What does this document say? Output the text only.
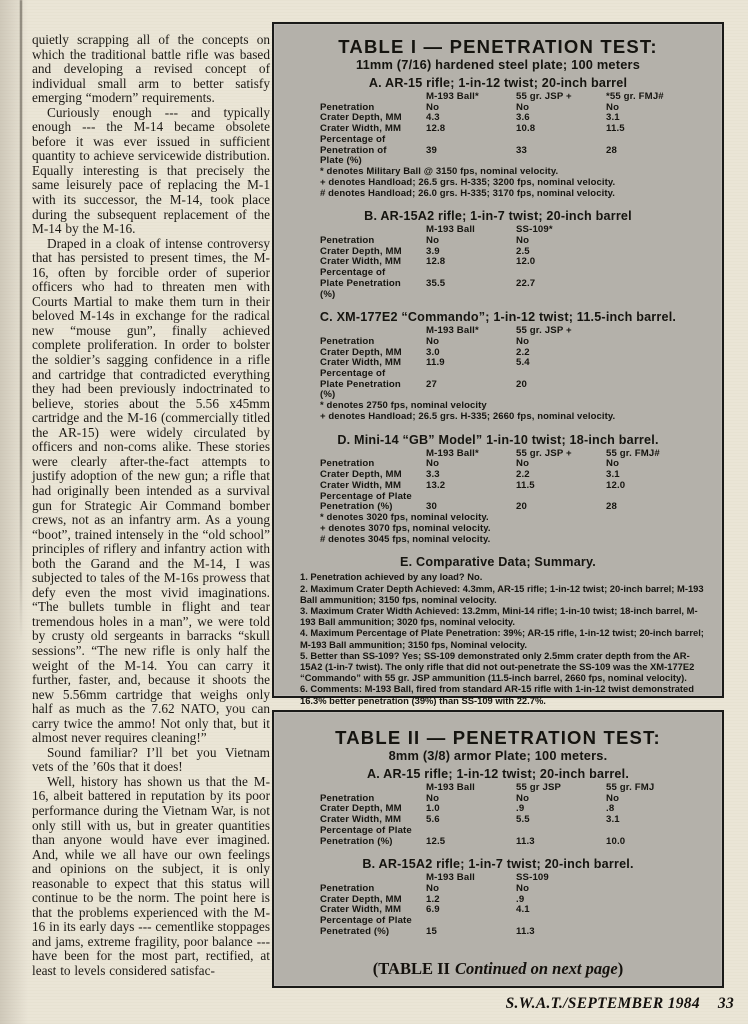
quietly scrapping all of the concepts on which the traditional battle rifle was based and developing a revised concept of individual small arm to better satisfy emerging “modern” requirements.

Curiously enough --- and typically enough --- the M-14 became obsolete before it was ever issued in sufficient quantity to achieve servicewide distribution. Equally interesting is that precisely the same leisurely pace of replacing the M-1 with its successor, the M-14, took place during the subsequent replacement of the M-14 by the M-16.

Draped in a cloak of intense controversy that has persisted to present times, the M-16, often by forcible order of superior officers who had to threaten men with Courts Martial to make them turn in their beloved M-14s in exchange for the radical new “mouse gun”, finally achieved complete proliferation. In order to bolster the soldier’s sagging confidence in a rifle and cartridge that contradicted everything they had been previously indoctrinated to believe, stories about the 5.56 x45mm cartridge and the M-16 (commercially titled the AR-15) were widely circulated by officers and non-coms alike. These stories were clearly after-the-fact attempts to justify adoption of the new gun; a rifle that had originally been intended as a survival gun for Strategic Air Command bomber crews, not as an infantry arm. As a young “boot”, trained intensely in the “old school” principles of riflery and infantry action with both the Garand and the M-14, I was subjected to tales of the M-16s prowess that defy even the most vivid imaginations. “The bullets tumble in flight and tear tremendous holes in a man”, we were told by crusty old sergeants in barracks “skull sessions”. “The new rifle is only half the weight of the M-14. You can carry it further, faster, and, because it shoots the new 5.56mm cartridge that weighs only half as much as the 7.62 NATO, you can carry twice the ammo! Not only that, but it almost never requires cleaning!”

Sound familiar? I’ll bet you Vietnam vets of the ’60s that it does!

Well, history has shown us that the M-16, albeit battered in reputation by its poor performance during the Vietnam War, is not only still with us, but in greater quantities than anyone would have ever imagined. And, while we all have our own feelings and opinions on the subject, it is only reasonable to expect that this status will continue to be the norm. The point here is that the problems experienced with the M-16 in its early days --- cementlike stoppages and jams, extreme fragility, poor balance --- have been for the most part, rectified, at least to levels considered satisfac-

TABLE I — PENETRATION TEST:
11mm (7/16) hardened steel plate; 100 meters
A. AR-15 rifle; 1-in-12 twist; 20-inch barrel
M-193 Ball*	55 gr. JSP +	*55 gr. FMJ#
Penetration	No	No	No
Crater Depth, MM	4.3	3.6	3.1
Crater Width, MM	12.8	10.8	11.5
Percentage of
Penetration of	39	33	28
Plate (%)
* denotes Military Ball @ 3150 fps, nominal velocity.
+ denotes Handload; 26.5 grs. H-335; 3200 fps, nominal velocity.
# denotes Handload; 26.0 grs. H-335; 3170 fps, nominal velocity.
B. AR-15A2 rifle; 1-in-7 twist; 20-inch barrel
M-193 Ball	SS-109*
Penetration	No	No
Crater Depth, MM	3.9	2.5
Crater Width, MM	12.8	12.0
Percentage of
Plate Penetration	35.5	22.7
(%)
C. XM-177E2 “Commando”; 1-in-12 twist; 11.5-inch barrel.
M-193 Ball*	55 gr. JSP +
Penetration	No	No
Crater Depth, MM	3.0	2.2
Crater Width, MM	11.9	5.4
Percentage of
Plate Penetration	27	20
(%)
* denotes 2750 fps, nominal velocity
+ denotes Handload; 26.5 grs. H-335; 2660 fps, nominal velocity.
D. Mini-14 “GB” Model” 1-in-10 twist; 18-inch barrel.
M-193 Ball*	55 gr. JSP +	55 gr. FMJ#
Penetration	No	No	No
Crater Depth, MM	3.3	2.2	3.1
Crater Width, MM	13.2	11.5	12.0
Percentage of Plate
Penetration (%)	30	20	28
* denotes 3020 fps, nominal velocity.
+ denotes 3070 fps, nominal velocity.
# denotes 3045 fps, nominal velocity.
E. Comparative Data; Summary.

1. Penetration achieved by any load? No.

2. Maximum Crater Depth Achieved: 4.3mm, AR-15 rifle; 1-in-12 twist; 20-inch barrel; M-193 Ball ammunition; 3150 fps, nominal velocity.

3. Maximum Crater Width Achieved: 13.2mm, Mini-14 rifle; 1-in-10 twist; 18-inch barrel, M-193 Ball ammunition; 3020 fps, nominal velocity.

4. Maximum Percentage of Plate Penetration: 39%; AR-15 rifle, 1-in-12 twist; 20-inch barrel; M-193 Ball ammunition; 3150 fps, Nominal velocity.

5. Better than SS-109? Yes; SS-109 demonstrated only 2.5mm crater depth from the AR-15A2 (1-in-7 twist). The only rifle that did not out-penetrate the SS-109 was the XM-177E2 “Commando” with 55 gr. JSP ammunition (11.5-inch barrel, 2660 fps, nominal velocity).

6. Comments: M-193 Ball, fired from standard AR-15 rifle with 1-in-12 twist demonstrated 16.3% better penetration (39%) than SS-109 with 22.7%.

TABLE II — PENETRATION TEST:
8mm (3/8) armor Plate; 100 meters.
A. AR-15 rifle; 1-in-12 twist; 20-inch barrel.
M-193 Ball	55 gr JSP	55 gr. FMJ
Penetration	No	No	No
Crater Depth, MM	1.0	.9	.8
Crater Width, MM	5.6	5.5	3.1
Percentage of Plate
Penetration (%)	12.5	11.3	10.0
B. AR-15A2 rifle; 1-in-7 twist; 20-inch barrel.
M-193 Ball	SS-109
Penetration	No	No
Crater Depth, MM	1.2	.9
Crater Width, MM	6.9	4.1
Percentage of Plate
Penetrated (%)	15	11.3
(TABLE II Continued on next page)
S.W.A.T./SEPTEMBER 1984 33
